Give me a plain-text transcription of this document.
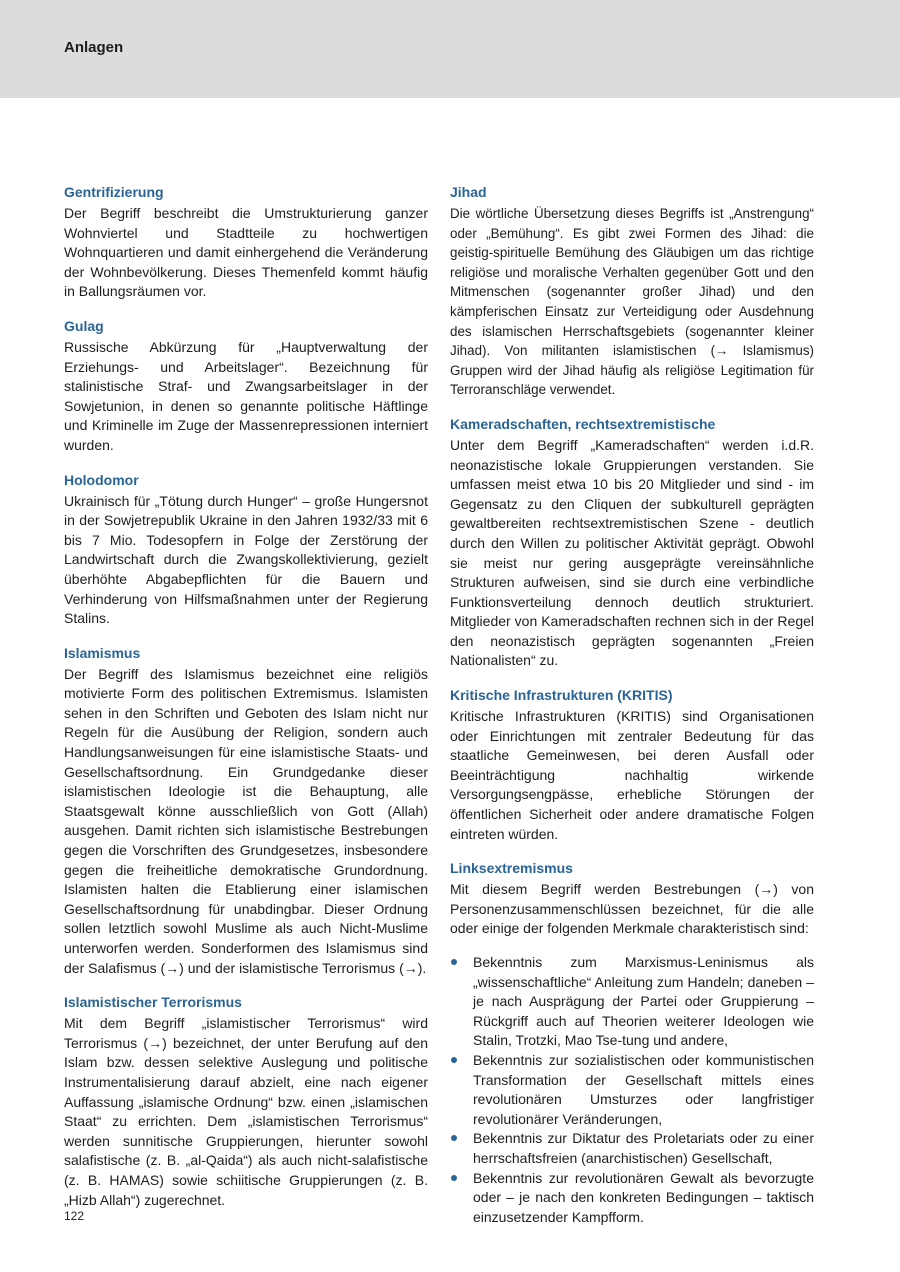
Anlagen
Gentrifizierung

Der Begriff beschreibt die Umstrukturierung ganzer Wohnviertel und Stadtteile zu hochwertigen Wohnquartieren und damit einhergehend die Veränderung der Wohnbevölkerung. Dieses Themenfeld kommt häufig in Ballungsräumen vor.

Gulag

Russische Abkürzung für „Hauptverwaltung der Erziehungs- und Arbeitslager“. Bezeichnung für stalinistische Straf- und Zwangsarbeitslager in der Sowjetunion, in denen so genannte politische Häftlinge und Kriminelle im Zuge der Massenrepressionen interniert wurden.

Holodomor

Ukrainisch für „Tötung durch Hunger“ – große Hungersnot in der Sowjetrepublik Ukraine in den Jahren 1932/33 mit 6 bis 7 Mio. Todesopfern in Folge der Zerstörung der Landwirtschaft durch die Zwangskollektivierung, gezielt überhöhte Abgabepflichten für die Bauern und Verhinderung von Hilfsmaßnahmen unter der Regierung Stalins.

Islamismus

Der Begriff des Islamismus bezeichnet eine religiös motivierte Form des politischen Extremismus. Islamisten sehen in den Schriften und Geboten des Islam nicht nur Regeln für die Ausübung der Religion, sondern auch Handlungsanweisungen für eine islamistische Staats- und Gesellschaftsordnung. Ein Grundgedanke dieser islamistischen Ideologie ist die Behauptung, alle Staatsgewalt könne ausschließlich von Gott (Allah) ausgehen. Damit richten sich islamistische Bestrebungen gegen die Vorschriften des Grundgesetzes, insbesondere gegen die freiheitliche demokratische Grundordnung. Islamisten halten die Etablierung einer islamischen Gesellschaftsordnung für unabdingbar. Dieser Ordnung sollen letztlich sowohl Muslime als auch Nicht-Muslime unterworfen werden. Sonderformen des Islamismus sind der Salafismus (→) und der islamistische Terrorismus (→).

Islamistischer Terrorismus

Mit dem Begriff „islamistischer Terrorismus“ wird Terrorismus (→) bezeichnet, der unter Berufung auf den Islam bzw. dessen selektive Auslegung und politische Instrumentalisierung darauf abzielt, eine nach eigener Auffassung „islamische Ordnung“ bzw. einen „islamischen Staat“ zu errichten. Dem „islamistischen Terrorismus“ werden sunnitische Gruppierungen, hierunter sowohl salafistische (z. B. „al-Qaida“) als auch nicht-salafistische (z. B. HAMAS) sowie schiitische Gruppierungen (z. B. „Hizb Allah“) zugerechnet.

Jihad

Die wörtliche Übersetzung dieses Begriffs ist „Anstrengung“ oder „Bemühung“. Es gibt zwei Formen des Jihad: die geistig-spirituelle Bemühung des Gläubigen um das richtige religiöse und moralische Verhalten gegenüber Gott und den Mitmenschen (sogenannter großer Jihad) und den kämpferischen Einsatz zur Verteidigung oder Ausdehnung des islamischen Herrschaftsgebiets (sogenannter kleiner Jihad). Von militanten islamistischen (→ Islamismus) Gruppen wird der Jihad häufig als religiöse Legitimation für Terroranschläge verwendet.

Kameradschaften, rechtsextremistische

Unter dem Begriff „Kameradschaften“ werden i.d.R. neonazistische lokale Gruppierungen verstanden. Sie umfassen meist etwa 10 bis 20 Mitglieder und sind - im Gegensatz zu den Cliquen der subkulturell geprägten gewaltbereiten rechtsextremistischen Szene - deutlich durch den Willen zu politischer Aktivität geprägt. Obwohl sie meist nur gering ausgeprägte vereinsähnliche Strukturen aufweisen, sind sie durch eine verbindliche Funktionsverteilung dennoch deutlich strukturiert. Mitglieder von Kameradschaften rechnen sich in der Regel den neonazistisch geprägten sogenannten „Freien Nationalisten“ zu.

Kritische Infrastrukturen (KRITIS)

Kritische Infrastrukturen (KRITIS) sind Organisationen oder Einrichtungen mit zentraler Bedeutung für das staatliche Gemeinwesen, bei deren Ausfall oder Beeinträchtigung nachhaltig wirkende Versorgungsengpässe, erhebliche Störungen der öffentlichen Sicherheit oder andere dramatische Folgen eintreten würden.

Linksextremismus

Mit diesem Begriff werden Bestrebungen (→) von Personenzusammenschlüssen bezeichnet, für die alle oder einige der folgenden Merkmale charakteristisch sind:

Bekenntnis zum Marxismus-Leninismus als „wissenschaftliche“ Anleitung zum Handeln; daneben – je nach Ausprägung der Partei oder Gruppierung –Rückgriff auch auf Theorien weiterer Ideologen wie Stalin, Trotzki, Mao Tse-tung und andere,
Bekenntnis zur sozialistischen oder kommunistischen Transformation der Gesellschaft mittels eines revolutionären Umsturzes oder langfristiger revolutionärer Veränderungen,
Bekenntnis zur Diktatur des Proletariats oder zu einer herrschaftsfreien (anarchistischen) Gesellschaft,
Bekenntnis zur revolutionären Gewalt als bevorzugte oder – je nach den konkreten Bedingungen – taktisch einzusetzender Kampfform.
122
